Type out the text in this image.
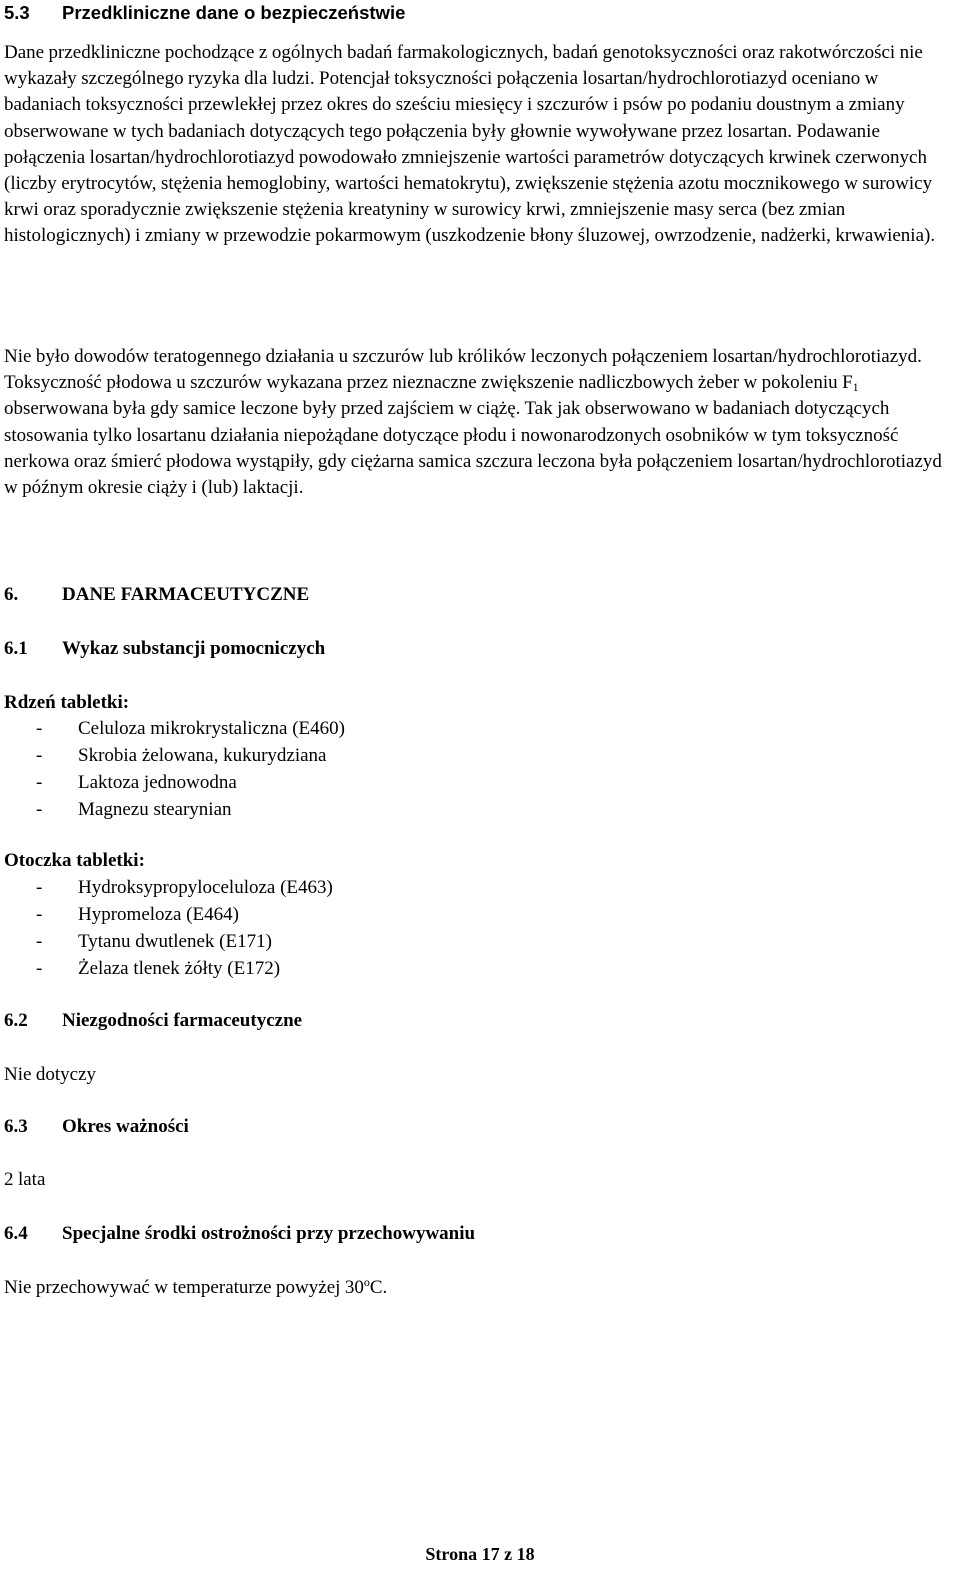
5.3	Przedkliniczne dane o bezpieczeństwie

Dane przedkliniczne pochodzące z ogólnych badań farmakologicznych, badań genotoksyczności oraz rakotwórczości nie wykazały szczególnego ryzyka dla ludzi. Potencjał toksyczności połączenia losartan/hydrochlorotiazyd oceniano w badaniach toksyczności przewlekłej przez okres do sześciu miesięcy i szczurów i psów po podaniu doustnym a zmiany obserwowane w tych badaniach dotyczących tego połączenia były głownie wywoływane przez losartan. Podawanie połączenia losartan/hydrochlorotiazyd powodowało zmniejszenie wartości parametrów dotyczących krwinek czerwonych (liczby erytrocytów, stężenia hemoglobiny, wartości hematokrytu), zwiększenie stężenia azotu mocznikowego w surowicy krwi oraz sporadycznie zwiększenie stężenia kreatyniny w surowicy krwi, zmniejszenie masy serca (bez zmian histologicznych) i zmiany w przewodzie pokarmowym (uszkodzenie błony śluzowej, owrzodzenie, nadżerki, krwawienia).

Nie było dowodów teratogennego działania u szczurów lub królików leczonych połączeniem losartan/hydrochlorotiazyd. Toksyczność płodowa u szczurów wykazana przez nieznaczne zwiększenie nadliczbowych żeber w pokoleniu $F_1$ obserwowana była gdy samice leczone były przed zajściem w ciążę. Tak jak obserwowano w badaniach dotyczących stosowania tylko losartanu działania niepożądane dotyczące płodu i nowonarodzonych osobników w tym toksyczność nerkowa oraz śmierć płodowa wystąpiły, gdy ciężarna samica szczura leczona była połączeniem losartan/hydrochlorotiazyd w późnym okresie ciąży i (lub) laktacji.

6.	DANE FARMACEUTYCZNE
6.1	Wykaz substancji pomocniczych
Rdzeń tabletki:
-	Celuloza mikrokrystaliczna (E460)
-	Skrobia żelowana, kukurydziana
-	Laktoza jednowodna
-	Magnezu stearynian
Otoczka tabletki:
-	Hydroksypropyloceluloza (E463)
-	Hypromeloza (E464)
-	Tytanu dwutlenek (E171)
-	Żelaza tlenek żółty (E172)
6.2	Niezgodności farmaceutyczne

Nie dotyczy

6.3	Okres ważności

2 lata

6.4	Specjalne środki ostrożności przy przechowywaniu

Nie przechowywać w temperaturze powyżej 30$^o$C.

Strona 17 z 18
